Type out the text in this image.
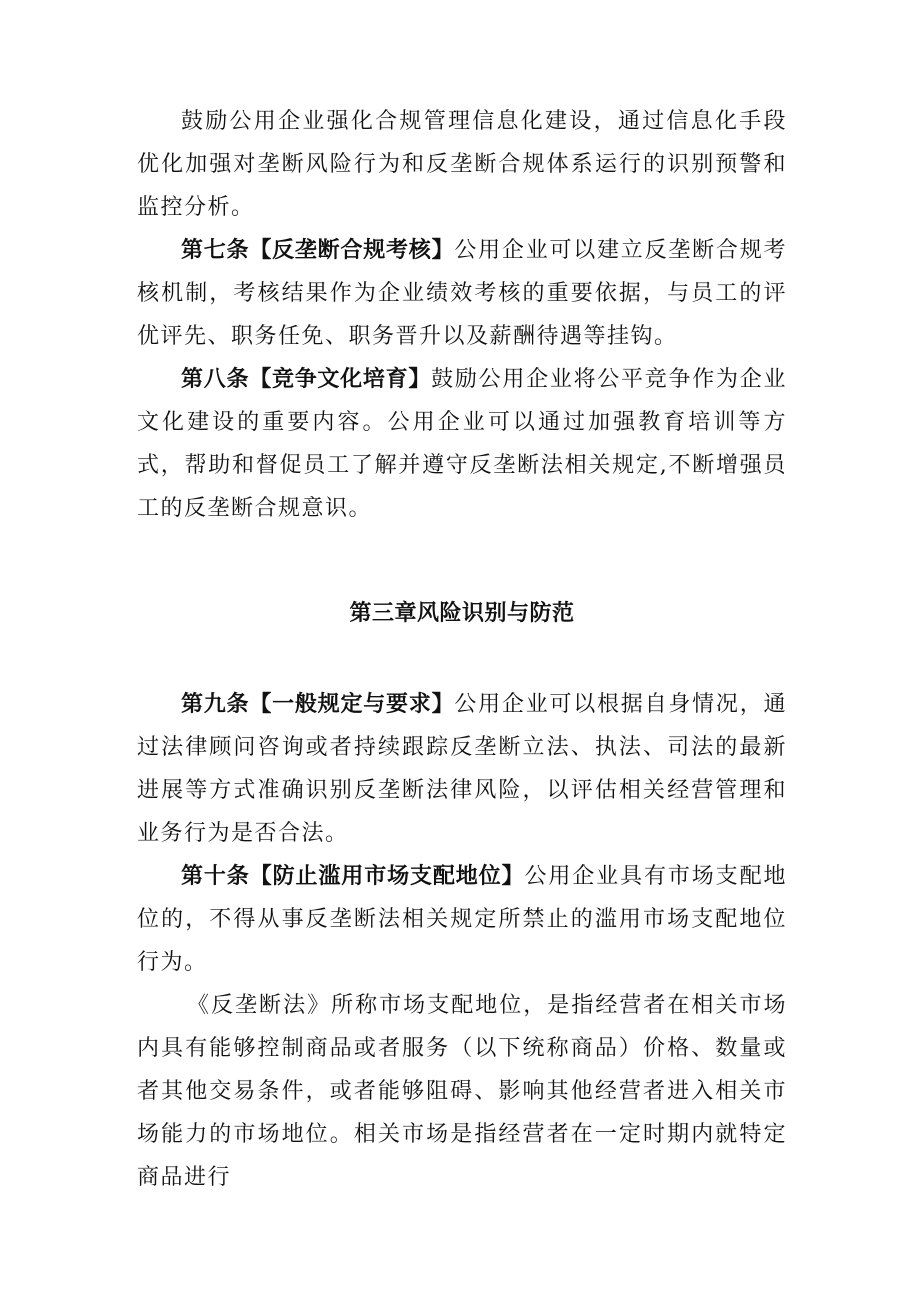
鼓励公用企业强化合规管理信息化建设，通过信息化手段优化加强对垄断风险行为和反垄断合规体系运行的识别预警和监控分析。

第七条【反垄断合规考核】公用企业可以建立反垄断合规考核机制，考核结果作为企业绩效考核的重要依据，与员工的评优评先、职务任免、职务晋升以及薪酬待遇等挂钩。

第八条【竞争文化培育】鼓励公用企业将公平竞争作为企业文化建设的重要内容。公用企业可以通过加强教育培训等方式，帮助和督促员工了解并遵守反垄断法相关规定,不断增强员工的反垄断合规意识。

第三章风险识别与防范

第九条【一般规定与要求】公用企业可以根据自身情况，通过法律顾问咨询或者持续跟踪反垄断立法、执法、司法的最新进展等方式准确识别反垄断法律风险，以评估相关经营管理和业务行为是否合法。

第十条【防止滥用市场支配地位】公用企业具有市场支配地位的，不得从事反垄断法相关规定所禁止的滥用市场支配地位行为。

《反垄断法》所称市场支配地位，是指经营者在相关市场内具有能够控制商品或者服务（以下统称商品）价格、数量或者其他交易条件，或者能够阻碍、影响其他经营者进入相关市场能力的市场地位。相关市场是指经营者在一定时期内就特定商品进行
